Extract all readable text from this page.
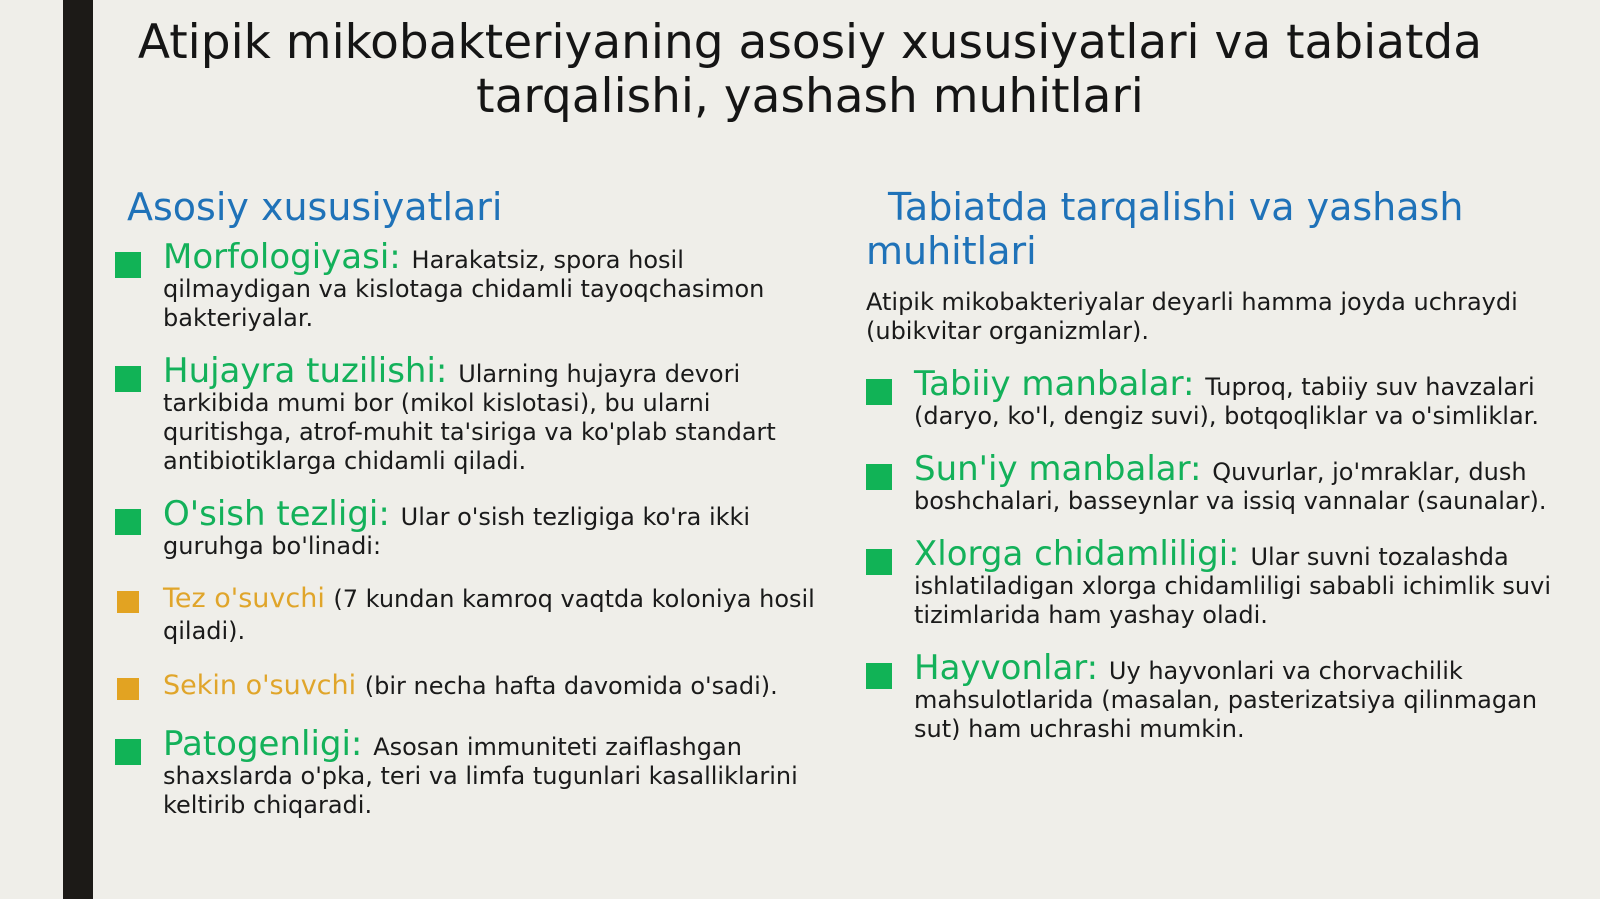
Atipik mikobakteriyaning asosiy xususiyatlari va tabiatda tarqalishi, yashash muhitlari
Asosiy xususiyatlari
Morfologiyasi: Harakatsiz, spora hosil qilmaydigan va kislotaga chidamli tayoqchasimon bakteriyalar.
Hujayra tuzilishi: Ularning hujayra devori tarkibida mumi bor (mikol kislotasi), bu ularni quritishga, atrof-muhit ta'siriga va ko'plab standart antibiotiklarga chidamli qiladi.
O'sish tezligi: Ular o'sish tezligiga ko'ra ikki guruhga bo'linadi:
Tez o'suvchi (7 kundan kamroq vaqtda koloniya hosil qiladi).
Sekin o'suvchi (bir necha hafta davomida o'sadi).
Patogenligi: Asosan immuniteti zaiflashgan shaxslarda o'pka, teri va limfa tugunlari kasalliklarini keltirib chiqaradi.
Tabiatda tarqalishi va yashash muhitlari

Atipik mikobakteriyalar deyarli hamma joyda uchraydi (ubikvitar organizmlar).

Tabiiy manbalar: Tuproq, tabiiy suv havzalari (daryo, ko'l, dengiz suvi), botqoqliklar va o'simliklar.
Sun'iy manbalar: Quvurlar, jo'mraklar, dush boshchalari, basseynlar va issiq vannalar (saunalar).
Xlorga chidamliligi: Ular suvni tozalashda ishlatiladigan xlorga chidamliligi sababli ichimlik suvi tizimlarida ham yashay oladi.
Hayvonlar: Uy hayvonlari va chorvachilik mahsulotlarida (masalan, pasterizatsiya qilinmagan sut) ham uchrashi mumkin.
